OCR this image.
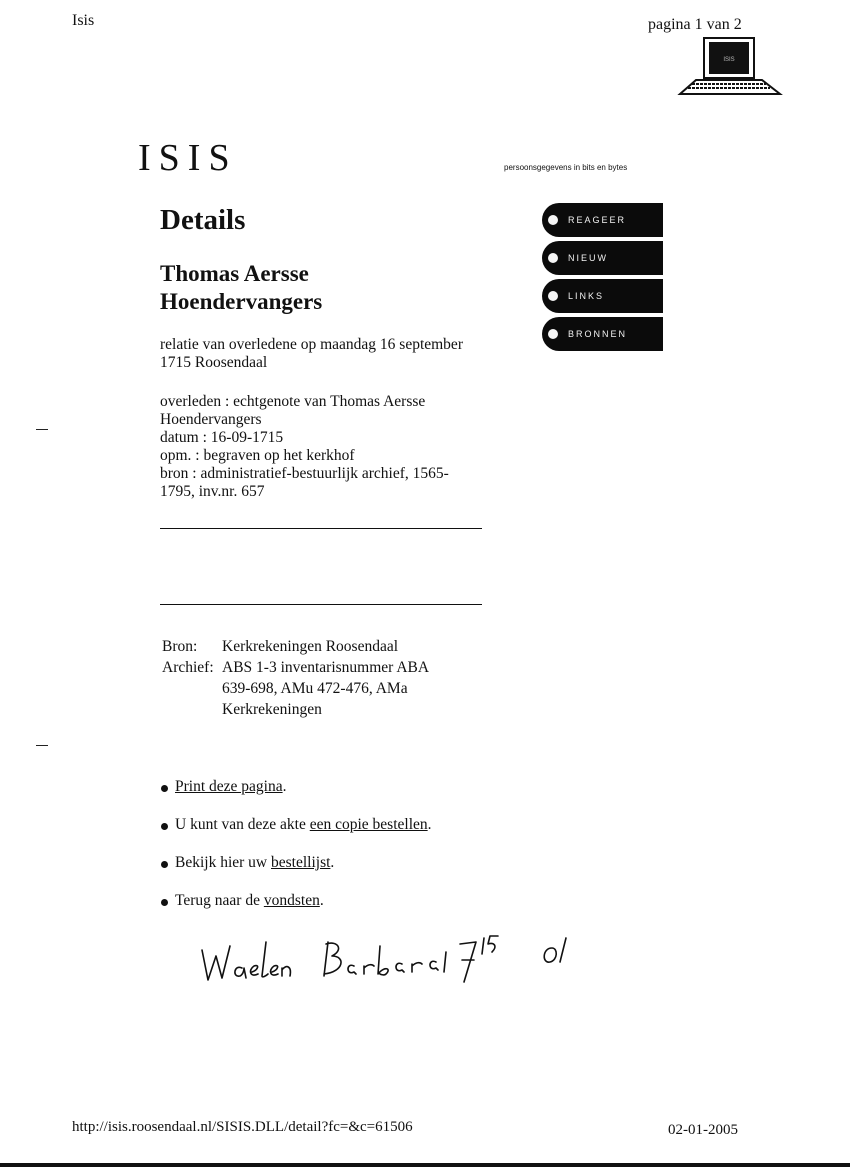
Isis	pagina 1 van 2
ISIS
ISIS	persoonsgegevens in bits en bytes
REAGEER
NIEUW
LINKS
BRONNEN
Details
Thomas Aersse
Hoendervangers
relatie van overledene op maandag 16 september 1715 Roosendaal
overleden : echtgenote van Thomas Aersse Hoendervangers
datum : 16-09-1715
opm. : begraven op het kerkhof
bron : administratief-bestuurlijk archief, 1565-1795, inv.nr. 657
Bron:	Kerkrekeningen Roosendaal
Archief:	ABS 1-3 inventarisnummer ABA 639-698, AMu 472-476, AMa Kerkrekeningen
Print deze pagina.
U kunt van deze akte een copie bestellen.
Bekijk hier uw bestellijst.
Terug naar de vondsten.
http://isis.roosendaal.nl/SISIS.DLL/detail?fc=&c=61506	02-01-2005
